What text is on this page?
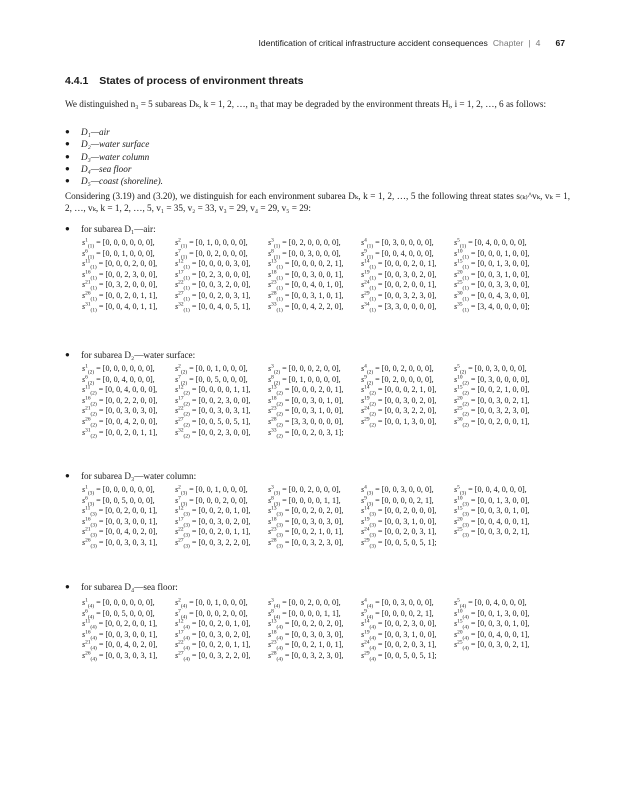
Identification of critical infrastructure accident consequences Chapter | 4 67
4.4.1 States of process of environment threats
We distinguished n₃ = 5 subareas Dₖ, k = 1, 2, …, n₃ that may be degraded by the environment threats Hᵢ, i = 1, 2, …, 6 as follows:
●	D₁—air
●	D₂—water surface
●	D₃—water column
●	D₄—sea floor
●	D₅—coast (shoreline).
Considering (3.19) and (3.20), we distinguish for each environment subarea Dₖ, k = 1, 2, …, 5 the following threat states s₍ₖ₎^vₖ, vₖ = 1, 2, …, vₖ, k = 1, 2, …, 5, v₁ = 35, v₂ = 33, v₃ = 29, v₄ = 29, v₅ = 29:
●	for subarea D₁—air:
$s^1_{(1)} = [0$, 0, 0, 0, 0, 0],	$s^2_{(1)} = [0$, 1, 0, 0, 0, 0],	$s^3_{(1)} = [0$, 2, 0, 0, 0, 0],	$s^4_{(1)} = [0$, 3, 0, 0, 0, 0],	$s^5_{(1)} = [0$, 4, 0, 0, 0, 0],
$s^6_{(1)} = [0$, 0, 1, 0, 0, 0],	$s^7_{(1)} = [0$, 0, 2, 0, 0, 0],	$s^8_{(1)} = [0$, 0, 3, 0, 0, 0],	$s^9_{(1)} = [0$, 0, 4, 0, 0, 0],	$s^{10}_{(1)} = [0$, 0, 0, 1, 0, 0],
$s^{11}_{(1)} = [0$, 0, 0, 2, 0, 0],	$s^{12}_{(1)} = [0$, 0, 0, 0, 3, 0],	$s^{13}_{(1)} = [0$, 0, 0, 0, 2, 1],	$s^{14}_{(1)} = [0$, 0, 0, 2, 0, 1],	$s^{15}_{(1)} = [0$, 0, 1, 3, 0, 0],
$s^{16}_{(1)} = [0$, 0, 2, 3, 0, 0],	$s^{17}_{(1)} = [0$, 2, 3, 0, 0, 0],	$s^{18}_{(1)} = [0$, 0, 3, 0, 0, 1],	$s^{19}_{(1)} = [0$, 0, 3, 0, 2, 0],	$s^{20}_{(1)} = [0$, 0, 3, 1, 0, 0],
$s^{21}_{(1)} = [0$, 3, 2, 0, 0, 0],	$s^{22}_{(1)} = [0$, 0, 3, 2, 0, 0],	$s^{23}_{(1)} = [0$, 0, 4, 0, 1, 0],	$s^{24}_{(1)} = [0$, 0, 2, 0, 0, 1],	$s^{25}_{(1)} = [0$, 0, 3, 3, 0, 0],
$s^{26}_{(1)} = [0$, 0, 2, 0, 1, 1],	$s^{27}_{(1)} = [0$, 0, 2, 0, 3, 1],	$s^{28}_{(1)} = [0$, 0, 3, 1, 0, 1],	$s^{29}_{(1)} = [0$, 0, 3, 2, 3, 0],	$s^{30}_{(1)} = [0$, 0, 4, 3, 0, 0],
$s^{31}_{(1)} = [0$, 0, 4, 0, 1, 1],	$s^{32}_{(1)} = [0$, 0, 4, 0, 5, 1],	$s^{33}_{(1)} = [0$, 0, 4, 2, 2, 0],	$s^{34}_{(1)} = [3$, 3, 0, 0, 0, 0],	$s^{35}_{(1)} = [3$, 4, 0, 0, 0, 0];
●	for subarea D₂—water surface:
$s^1_{(2)} = [0$, 0, 0, 0, 0, 0],	$s^2_{(2)} = [0$, 0, 1, 0, 0, 0],	$s^3_{(2)} = [0$, 0, 0, 2, 0, 0],	$s^4_{(2)} = [0$, 0, 2, 0, 0, 0],	$s^5_{(2)} = [0$, 0, 3, 0, 0, 0],
$s^6_{(2)} = [0$, 0, 4, 0, 0, 0],	$s^7_{(2)} = [0$, 0, 5, 0, 0, 0],	$s^8_{(2)} = [0$, 1, 0, 0, 0, 0],	$s^9_{(2)} = [0$, 2, 0, 0, 0, 0],	$s^{10}_{(2)} = [0$, 3, 0, 0, 0, 0],
$s^{11}_{(2)} = [0$, 0, 4, 0, 0, 0],	$s^{12}_{(2)} = [0$, 0, 0, 0, 1, 1],	$s^{13}_{(2)} = [0$, 0, 0, 2, 0, 1],	$s^{14}_{(2)} = [0$, 0, 0, 2, 1, 0],	$s^{15}_{(2)} = [0$, 0, 2, 1, 0, 0],
$s^{16}_{(2)} = [0$, 0, 2, 2, 0, 0],	$s^{17}_{(2)} = [0$, 0, 2, 3, 0, 0],	$s^{18}_{(2)} = [0$, 0, 3, 0, 1, 0],	$s^{19}_{(2)} = [0$, 0, 3, 0, 2, 0],	$s^{20}_{(2)} = [0$, 0, 3, 0, 2, 1],
$s^{21}_{(2)} = [0$, 0, 3, 0, 3, 0],	$s^{22}_{(2)} = [0$, 0, 3, 0, 3, 1],	$s^{23}_{(2)} = [0$, 0, 3, 1, 0, 0],	$s^{24}_{(2)} = [0$, 0, 3, 2, 2, 0],	$s^{25}_{(2)} = [0$, 0, 3, 2, 3, 0],
$s^{26}_{(2)} = [0$, 0, 4, 2, 0, 0],	$s^{27}_{(2)} = [0$, 0, 5, 0, 5, 1],	$s^{28}_{(2)} = [3$, 3, 0, 0, 0, 0],	$s^{29}_{(2)} = [0$, 0, 1, 3, 0, 0],	$s^{30}_{(2)} = [0$, 0, 2, 0, 0, 1],
$s^{31}_{(2)} = [0$, 0, 2, 0, 1, 1],	$s^{32}_{(2)} = [0$, 0, 2, 3, 0, 0],	$s^{33}_{(2)} = [0$, 0, 2, 0, 3, 1];
●	for subarea D₃—water column:
$s^1_{(3)} = [0$, 0, 0, 0, 0, 0],	$s^2_{(3)} = [0$, 0, 1, 0, 0, 0],	$s^3_{(3)} = [0$, 0, 2, 0, 0, 0],	$s^4_{(3)} = [0$, 0, 3, 0, 0, 0],	$s^5_{(3)} = [0$, 0, 4, 0, 0, 0],
$s^6_{(3)} = [0$, 0, 5, 0, 0, 0],	$s^7_{(3)} = [0$, 0, 0, 2, 0, 0],	$s^8_{(3)} = [0$, 0, 0, 0, 1, 1],	$s^9_{(3)} = [0$, 0, 0, 0, 2, 1],	$s^{10}_{(3)} = [0$, 0, 1, 3, 0, 0],
$s^{11}_{(3)} = [0$, 0, 2, 0, 0, 1],	$s^{12}_{(3)} = [0$, 0, 2, 0, 1, 0],	$s^{13}_{(3)} = [0$, 0, 2, 0, 2, 0],	$s^{14}_{(3)} = [0$, 0, 2, 0, 0, 0],	$s^{15}_{(3)} = [0$, 0, 3, 0, 1, 0],
$s^{16}_{(3)} = [0$, 0, 3, 0, 0, 1],	$s^{17}_{(3)} = [0$, 0, 3, 0, 2, 0],	$s^{18}_{(3)} = [0$, 0, 3, 0, 3, 0],	$s^{19}_{(3)} = [0$, 0, 3, 1, 0, 0],	$s^{20}_{(3)} = [0$, 0, 4, 0, 0, 1],
$s^{21}_{(3)} = [0$, 0, 4, 0, 2, 0],	$s^{22}_{(3)} = [0$, 0, 2, 0, 1, 1],	$s^{23}_{(3)} = [0$, 0, 2, 1, 0, 1],	$s^{24}_{(3)} = [0$, 0, 2, 0, 3, 1],	$s^{25}_{(3)} = [0$, 0, 3, 0, 2, 1],
$s^{26}_{(3)} = [0$, 0, 3, 0, 3, 1],	$s^{27}_{(3)} = [0$, 0, 3, 2, 2, 0],	$s^{28}_{(3)} = [0$, 0, 3, 2, 3, 0],	$s^{29}_{(3)} = [0$, 0, 5, 0, 5, 1];
●	for subarea D₄—sea floor:
$s^1_{(4)} = [0$, 0, 0, 0, 0, 0],	$s^2_{(4)} = [0$, 0, 1, 0, 0, 0],	$s^3_{(4)} = [0$, 0, 2, 0, 0, 0],	$s^4_{(4)} = [0$, 0, 3, 0, 0, 0],	$s^5_{(4)} = [0$, 0, 4, 0, 0, 0],
$s^6_{(4)} = [0$, 0, 5, 0, 0, 0],	$s^7_{(4)} = [0$, 0, 0, 2, 0, 0],	$s^8_{(4)} = [0$, 0, 0, 0, 1, 1],	$s^9_{(4)} = [0$, 0, 0, 0, 2, 1],	$s^{10}_{(4)} = [0$, 0, 1, 3, 0, 0],
$s^{11}_{(4)} = [0$, 0, 2, 0, 0, 1],	$s^{12}_{(4)} = [0$, 0, 2, 0, 1, 0],	$s^{13}_{(4)} = [0$, 0, 2, 0, 2, 0],	$s^{14}_{(4)} = [0$, 0, 2, 3, 0, 0],	$s^{15}_{(4)} = [0$, 0, 3, 0, 1, 0],
$s^{16}_{(4)} = [0$, 0, 3, 0, 0, 1],	$s^{17}_{(4)} = [0$, 0, 3, 0, 2, 0],	$s^{18}_{(4)} = [0$, 0, 3, 0, 3, 0],	$s^{19}_{(4)} = [0$, 0, 3, 1, 0, 0],	$s^{20}_{(4)} = [0$, 0, 4, 0, 0, 1],
$s^{21}_{(4)} = [0$, 0, 4, 0, 2, 0],	$s^{22}_{(4)} = [0$, 0, 2, 0, 1, 1],	$s^{23}_{(4)} = [0$, 0, 2, 1, 0, 1],	$s^{24}_{(4)} = [0$, 0, 2, 0, 3, 1],	$s^{25}_{(4)} = [0$, 0, 3, 0, 2, 1],
$s^{26}_{(4)} = [0$, 0, 3, 0, 3, 1],	$s^{27}_{(4)} = [0$, 0, 3, 2, 2, 0],	$s^{28}_{(4)} = [0$, 0, 3, 2, 3, 0],	$s^{29}_{(4)} = [0$, 0, 5, 0, 5, 1];
